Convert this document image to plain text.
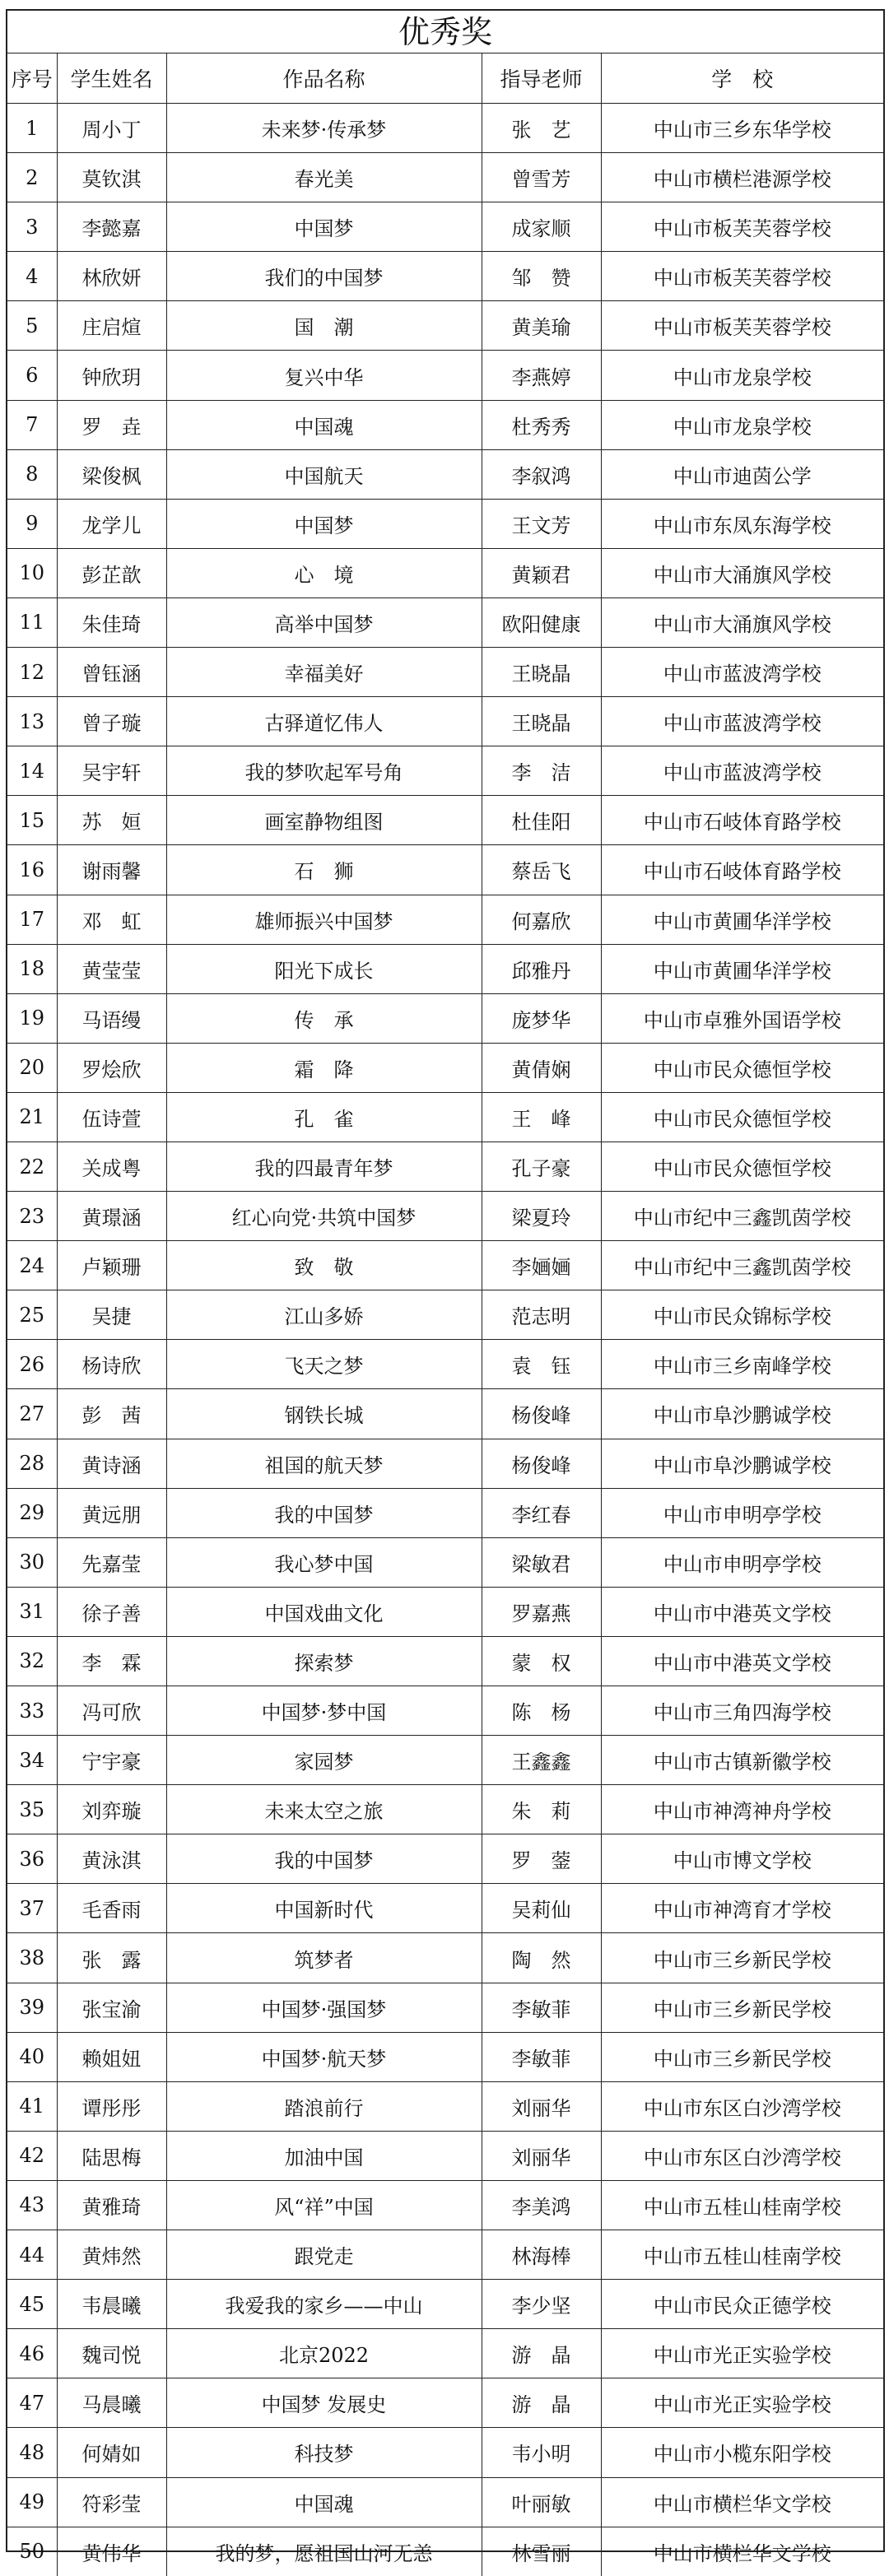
优秀奖
序号	学生姓名	作品名称	指导老师	学　校
1	周小丁	未来梦·传承梦	张　艺	中山市三乡东华学校
2	莫钦淇	春光美	曾雪芳	中山市横栏港源学校
3	李懿嘉	中国梦	成家顺	中山市板芙芙蓉学校
4	林欣妍	我们的中国梦	邹　赞	中山市板芙芙蓉学校
5	庄启煊	国　潮	黄美瑜	中山市板芙芙蓉学校
6	钟欣玥	复兴中华	李燕婷	中山市龙泉学校
7	罗　垚	中国魂	杜秀秀	中山市龙泉学校
8	梁俊枫	中国航天	李叙鸿	中山市迪茵公学
9	龙学儿	中国梦	王文芳	中山市东凤东海学校
10	彭芷歆	心　境	黄颖君	中山市大涌旗风学校
11	朱佳琦	高举中国梦	欧阳健康	中山市大涌旗风学校
12	曾钰涵	幸福美好	王晓晶	中山市蓝波湾学校
13	曾子璇	古驿道忆伟人	王晓晶	中山市蓝波湾学校
14	吴宇轩	我的梦吹起军号角	李　洁	中山市蓝波湾学校
15	苏　姮	画室静物组图	杜佳阳	中山市石岐体育路学校
16	谢雨馨	石　狮	蔡岳飞	中山市石岐体育路学校
17	邓　虹	雄师振兴中国梦	何嘉欣	中山市黄圃华洋学校
18	黄莹莹	阳光下成长	邱雅丹	中山市黄圃华洋学校
19	马语缦	传　承	庞梦华	中山市卓雅外国语学校
20	罗烩欣	霜　降	黄倩娴	中山市民众德恒学校
21	伍诗萱	孔　雀	王　峰	中山市民众德恒学校
22	关成粤	我的四最青年梦	孔子豪	中山市民众德恒学校
23	黄璟涵	红心向党·共筑中国梦	梁夏玲	中山市纪中三鑫凯茵学校
24	卢颖珊	致　敬	李婳婳	中山市纪中三鑫凯茵学校
25	吴捷	江山多娇	范志明	中山市民众锦标学校
26	杨诗欣	飞天之梦	袁　钰	中山市三乡南峰学校
27	彭　茜	钢铁长城	杨俊峰	中山市阜沙鹏诚学校
28	黄诗涵	祖国的航天梦	杨俊峰	中山市阜沙鹏诚学校
29	黄远朋	我的中国梦	李红春	中山市申明亭学校
30	先嘉莹	我心梦中国	梁敏君	中山市申明亭学校
31	徐子善	中国戏曲文化	罗嘉燕	中山市中港英文学校
32	李　霖	探索梦	蒙　权	中山市中港英文学校
33	冯可欣	中国梦·梦中国	陈　杨	中山市三角四海学校
34	宁宇豪	家园梦	王鑫鑫	中山市古镇新徽学校
35	刘弈璇	未来太空之旅	朱　莉	中山市神湾神舟学校
36	黄泳淇	我的中国梦	罗　蓥	中山市博文学校
37	毛香雨	中国新时代	吴莉仙	中山市神湾育才学校
38	张　露	筑梦者	陶　然	中山市三乡新民学校
39	张宝渝	中国梦·强国梦	李敏菲	中山市三乡新民学校
40	赖姐妞	中国梦·航天梦	李敏菲	中山市三乡新民学校
41	谭彤彤	踏浪前行	刘丽华	中山市东区白沙湾学校
42	陆思梅	加油中国	刘丽华	中山市东区白沙湾学校
43	黄雅琦	风“祥”中国	李美鸿	中山市五桂山桂南学校
44	黄炜然	跟党走	林海棒	中山市五桂山桂南学校
45	韦晨曦	我爱我的家乡——中山	李少坚	中山市民众正德学校
46	魏司悦	北京2022	游　晶	中山市光正实验学校
47	马晨曦	中国梦 发展史	游　晶	中山市光正实验学校
48	何婧如	科技梦	韦小明	中山市小榄东阳学校
49	符彩莹	中国魂	叶丽敏	中山市横栏华文学校
50	黄伟华	我的梦，愿祖国山河无恙	林雪丽	中山市横栏华文学校
